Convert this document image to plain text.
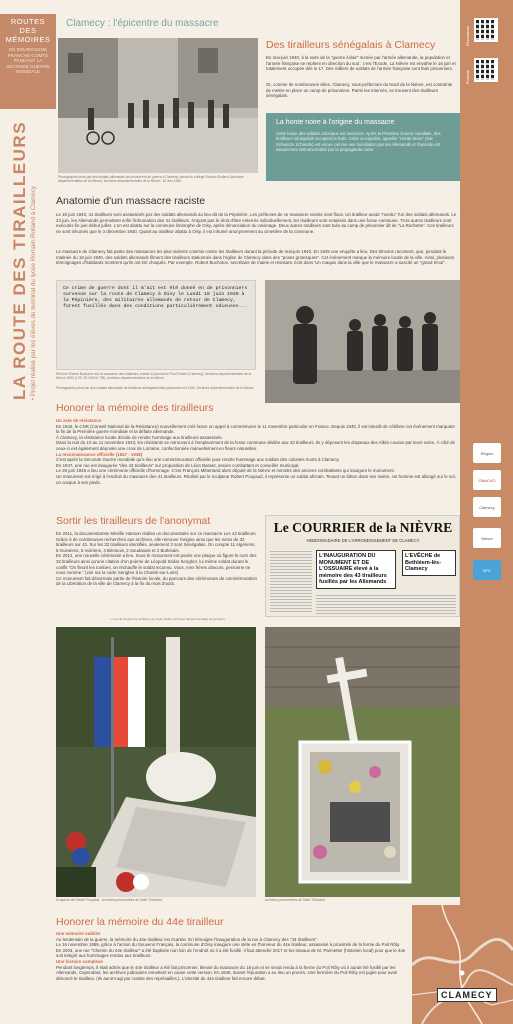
ROUTES DES MÉMOIRES
EN BOURGOGNE FRANCHE-COMTÉ PENDANT LA SECONDE GUERRE MONDIALE
LA ROUTE DES TIRAILLEURS • Projet réalisé par les élèves de terminal du lycée Romain-Rolland à Clamecy
Ressources
Podcast
Région
ONaCVG
Clamecy
Nièvre
BFC
CLAMECY
Clamecy : l'épicentre du massacre
Photographie prise par des soldats allemands de prisonniers de guerre à Clamecy, devant le collège Romain-Rolland (Archives départementales de la Nièvre). Archives départementales de la Nièvre, 18 Juin 1940.
Des tirailleurs sénégalais à Clamecy
En mai-juin 1940, à la suite de la "guerre éclair" menée par l'armée allemande, la population et l'armée française se replient en direction du sud : c'est l'Exode. La Nièvre est envahie le 16 juin et totalement occupée dès le 17. Des milliers de soldats de l'armée française sont faits prisonniers.
Or, comme de nombreuses villes, Clamecy, sous-préfecture du Nord de la Nièvre, est contrainte de mettre en place un camp de prisonniers. Parmi les internés, se trouvent des tirailleurs sénégalais.
La honte noire à l'origine du massacre
Cette haine des soldats coloniaux est ancienne. Après la Première Guerre mondiale, des tirailleurs sénégalais occupent la Ruhr. Cette occupation, appelée "Honte Noire" (Die Schwarze Schande) est vécue comme une humiliation par les Allemands et l'épisode est savamment instrumentalisé par la propagande nazie.
Anatomie d'un massacre raciste
Le 18 juin 1940, 41 tirailleurs sont assassinés par des soldats allemands au lieu-dit de la Pépinière. Les préfectes de ce massacre raciste sont flous. Un tirailleur aurait "mordu" l'un des soldats allemands. Le 23 juin, les Allemands permettent enfin l'inhumation des 41 tirailleurs. N'ayant pas le droit d'être enterrés individuellement, les tirailleurs sont entassés dans une fosse commune. Trois autres tirailleurs sont exécutés fin juin-début juillet. L'un est abattu sur la commune limitrophe de Oisy, après dénonciation du voisinage. Deux autres tirailleurs sont tués au camp de prisonnier dit de "La Rochette". Ces tirailleurs ne sont inhumés que le 3 décembre 1940. Quant au tirailleur abattu à Oisy, il est inhumé anonymement au cimetière de la commune.
Le massacre de Clamecy fait partie des massacres les plus violents commis contre les tirailleurs durant la période de mai-juin 1940. En 1945 une enquête a lieu. Des témoins racontent, que, pendant le matinée du 18 juin 1940, des soldats allemands filment des tirailleurs stationnés dans l'église de Clamecy dans des "poses grotesques". Cet événement marque la mémoire locale de la ville. Ainsi, plusieurs témoignages d'habitants montrent qu'ils ont été choqués. Par exemple, Robert Buchoton, secrétaire de mairie et résistant, écrit dans 'Un maquis dans la ville que le massacre a suscité un "grand émoi".
Ce crime de guerre dont il m'ait est été donné en de prisonniers survenue sur la route de Clamecy à Oisy le Lundi 18 juin 1940 à la Pépinière, des militaires allemands de retour de Clamecy, furent fusillés dans des conditions particulièrement odieuses...
Récit de Robert Buchoton sur le massacre des tirailleurs, extrait du journal de Paul Robert (Clamecy), Archives départementales de la Nièvre 1990 (17B, 3E NOUV 738), Archives départementales de la Nièvre.
Photographie prise par des soldats allemands de tirailleurs sénégalais faits prisonniers en 1940, Archives départementales de la Nièvre.
Honorer la mémoire des tirailleurs
Un acte de résistance
En 1943, le CNR (Conseil National de la Résistance) nouvellement créé lance un appel à commémorer le 11 novembre particulier en France. Depuis 1940, il est interdit de célébrer cet événement marquant la fin de la Première guerre mondiale et la défaite allemande.
À Clamecy, la résistance locale décide de rendre hommage aux tirailleurs assassinés.
Dans la nuit du 10 au 11 novembre 1943, les résistants se retrouvent à l'emplacement de la fosse commune dédiée aux 43 tirailleurs. Ils y déposent les drapeaux des Alliés cousus par leurs soins. À côté de ceux-ci est également déposée une croix de Lorraine, confectionnée manuellement en fleurs naturelles.
La reconnaissance officielle (1947 - 1948)
C'est après la Seconde Guerre mondiale qu'a lieu une commémoration officielle pour rendre hommage aux soldats des colonies morts à Clamecy.
En 1947, une rue est inaugurée "des 43 tirailleurs" sur proposition de Léon Basset, ancien combattant et conseiller municipal.
Le 28 juin 1948 a lieu une cérémonie officielle d'hommage. C'est François Mitterrand alors député de la Nièvre et ministre des anciens combattants qui inaugure le monument.
Un monument est érigé à l'endroit du massacre des 41 tirailleurs. Réalisé par le sculpteur Robert Pouyaud, il représente un soldat africain. Tenant un bâton dans ses mains, cet homme est allongé sur le sol, un casque à ses pieds.
Sortir les tirailleurs de l'anonymat
En 2011, la documentariste Mireille Hannon réalise un documentaire sur ce massacre Les 43 tirailleurs. Grâce à de nombreuses recherches aux archives, elle retrouve l'origine ainsi que les noms de 32 tirailleurs sur 43. Sur les 32 tirailleurs identifiés, seulement 2 sont Sénégalais. On compte 11 Algériens, 6 Guinéens, 5 Ivoiriens, 4 Béninois, 2 Soudanais et 2 Burkinais.
En 2012, une nouvelle cérémonie a lieu. Sous le monument est posée une plaque où figure le nom des 32 tirailleurs ainsi qu'une citation d'un poème de Léopold Sédar Senghor, lui même soldat durant le conflit "On fleurit les tombes, on réchauffe le soldat inconnu. Vous, mes frères obscurs, personne ne vous nomme." (voir sur la carte Senghor à la Charité-sur-Loire)
Ce monument fait désormais partie de l'histoire locale, du parcours des cérémonies de commémoration de la Libération de la ville de Clamecy à la fin du mois d'août.
Le COURRIER de la NIÈVRE
HEBDOMADAIRE DE L'ARRONDISSEMENT DE CLAMECY
L'INAUGURATION DU MONUMENT ET DE L'OSSUAIRE élevé à la mémoire des 43 tirailleurs fusillés par les Allemands
L'EVÊCHE de Bethléem-lès-Clamecy
« Une du Courrier de la Nièvre du 3 juin 1948 » Archives départementales de la Nièvre.
Sculpture de Robert Pouyaud - Archives personnelles de Saint Théodore	Archives personnelles de Saint Théodore
Honorer la mémoire du 44e tirailleur
Une mémoire oubliée
Au lendemain de la guerre, la mémoire du 44e tirailleur est écartée. En témoigne l'inauguration de la rue à Clamecy des "43 tirailleurs".
Le 16 novembre 1959, grâce à l'action du Souvenir Français, la commune d'Oisy inaugure une stèle en l'honneur du 44e tirailleur, assassiné à proximité de la ferme du Poil Rôty.
En 2003, une rue "Chemin du 44e tirailleur" a été baptisée non loin de l'endroit où il a été fusillé. Il faut attendre 2017 et les travaux de M. Parmetter (historien local) pour que le 44e soit intégré aux hommages rendus aux tirailleurs.
Une histoire complexe
Pendant longtemps, il était admis que le 44e tirailleur a été fait prisonnier, blessé du massacre du 18 juin et se serait rendu à la ferme du Poil Rôty où il aurait été fusillé par les Allemands. Cependant, les archives judiciaires remettent en cause cette version. En 1945, durant l'épuration a eu lieu un procès. Une fermière du Poil Rôty est jugée pour avoir dénoncé le tirailleur. (Ils auront agi par crainte des représailles.). L'identité du 44e tirailleur fait encore débat.
